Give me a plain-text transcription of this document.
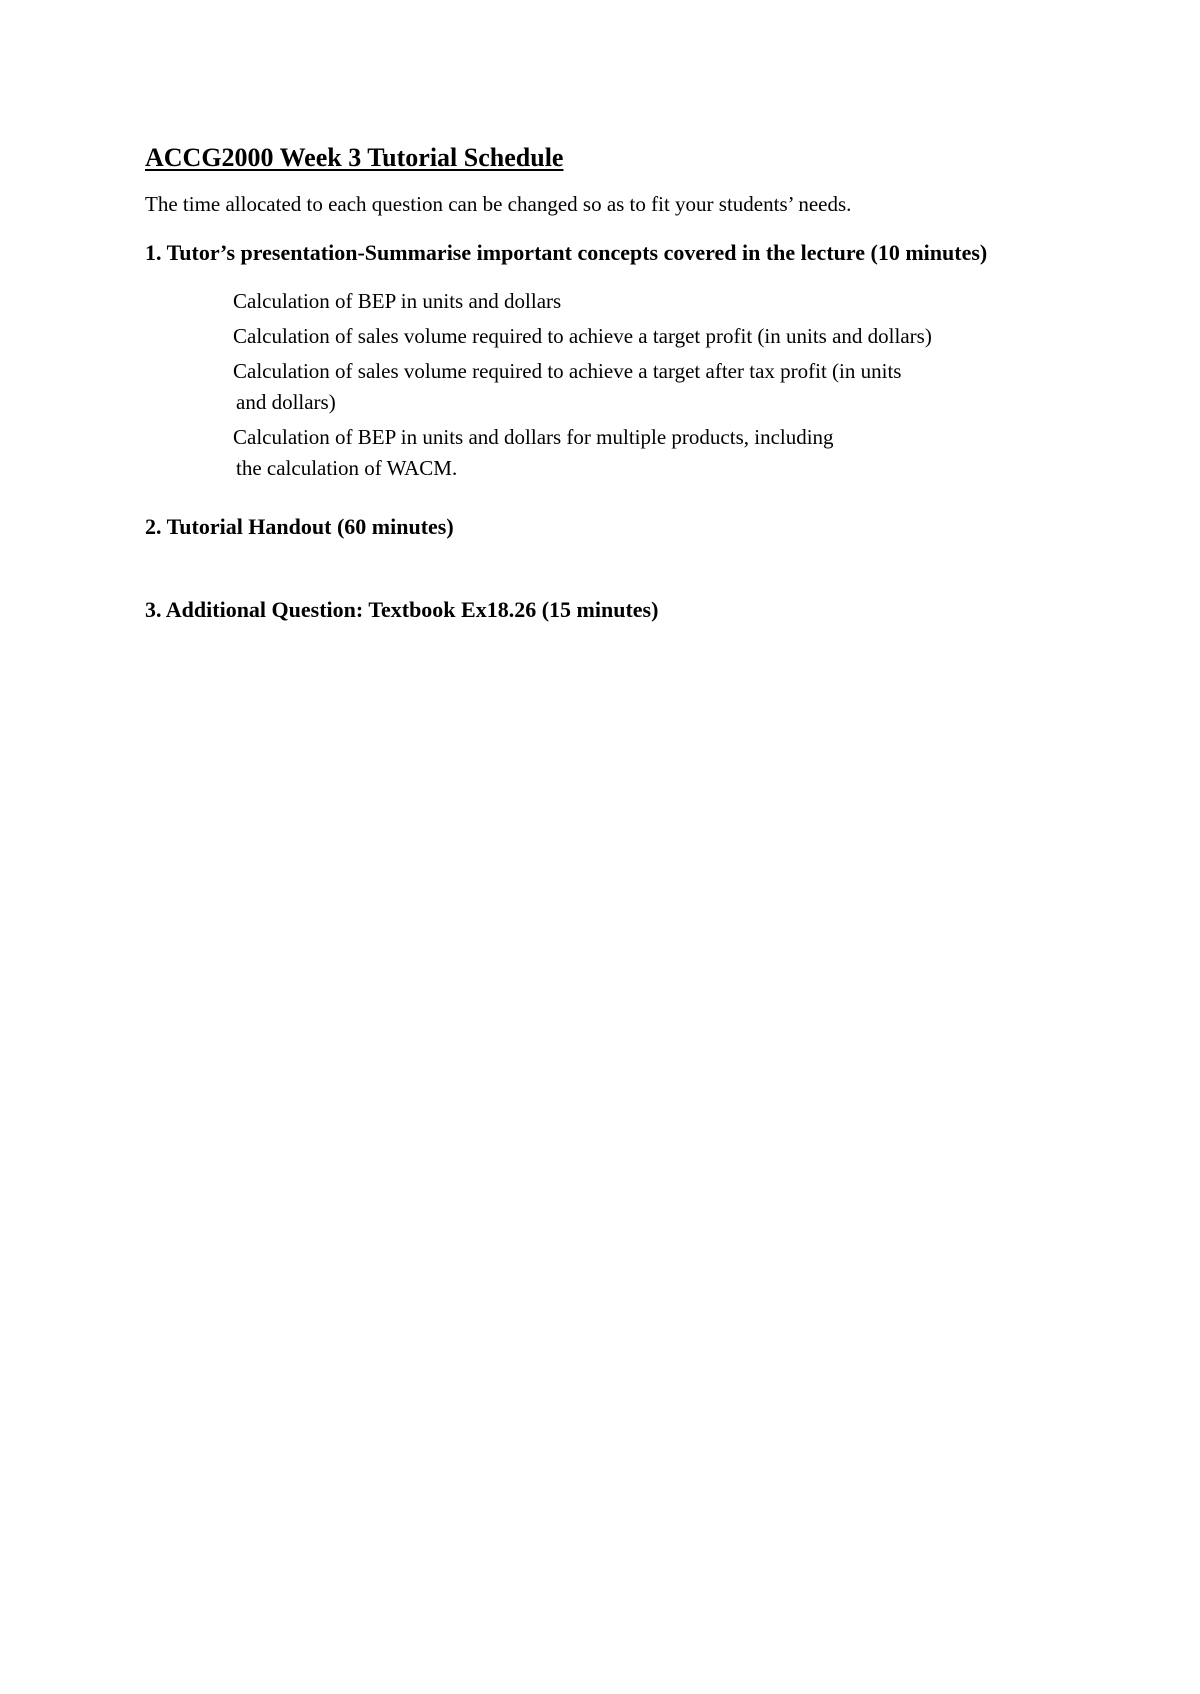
ACCG2000 Week 3 Tutorial Schedule

The time allocated to each question can be changed so as to fit your students’ needs.

1. Tutor’s presentation-Summarise important concepts covered in the lecture (10 minutes)

Calculation of BEP in units and dollars
Calculation of sales volume required to achieve a target profit (in units and dollars)
Calculation of sales volume required to achieve a target after tax profit (in units
and dollars)
Calculation of BEP in units and dollars for multiple products, including
the calculation of WACM.

2. Tutorial Handout (60 minutes)

3. Additional Question: Textbook Ex18.26 (15 minutes)
